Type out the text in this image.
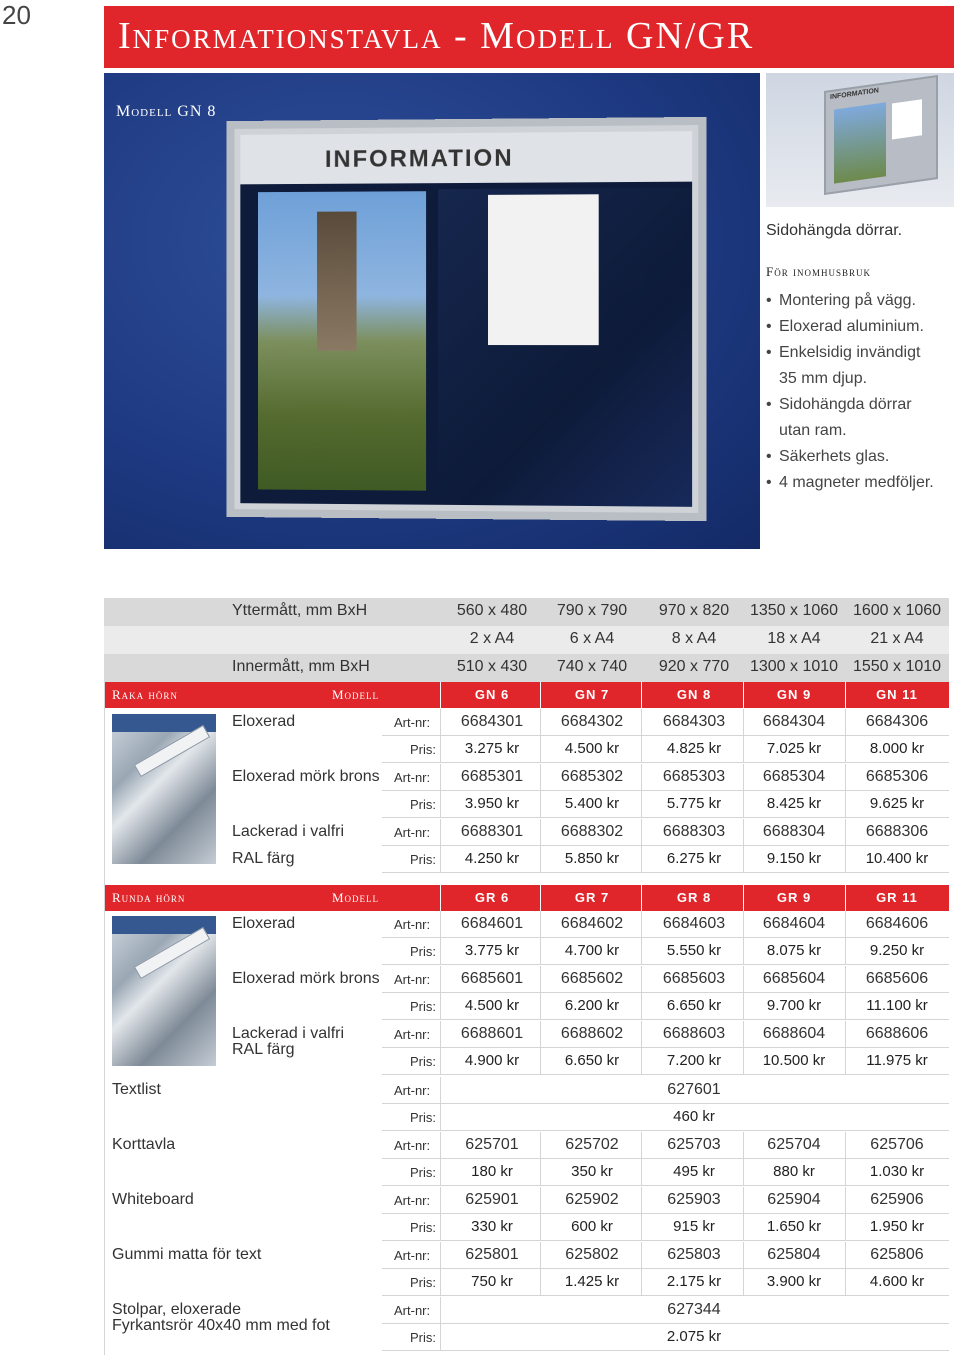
20	Informationstavla - Modell GN/GR
INFORMATION
Modell GN 8
INFORMATION
Sidohängda dörrar.
För inomhusbruk
• Montering på vägg.
• Eloxerad aluminium.
• Enkelsidig invändigt
35 mm djup.
• Sidohängda dörrar
utan ram.
• Säkerhets glas.
• 4 magneter medföljer.
Yttermått, mm BxH	560 x 480	790 x 790	970 x 820	1350 x 1060 1600 x 1060
2 x A4	6 x A4	8 x A4	18 x A4	21 x A4
Innermått, mm BxH	510 x 430	740 x 740	920 x 770	1300 x 1010 1550 x 1010
Raka hörn	Modell	GN 6	GN 7	GN 8	GN 9	GN 11
Eloxerad	Art-nr:	6684301	6684302	6684303	6684304	6684306
Pris:	3.275 kr	4.500 kr	4.825 kr	7.025 kr	8.000 kr
Eloxerad mörk brons Art-nr:	6685301	6685302	6685303	6685304	6685306
Pris:	3.950 kr	5.400 kr	5.775 kr	8.425 kr	9.625 kr
Lackerad i valfri	Art-nr:	6688301	6688302	6688303	6688304	6688306
RAL färg	Pris:	4.250 kr	5.850 kr	6.275 kr	9.150 kr	10.400 kr
Runda hörn	Modell	GR 6	GR 7	GR 8	GR 9	GR 11
Eloxerad	Art-nr:	6684601	6684602	6684603	6684604	6684606
Pris:	3.775 kr	4.700 kr	5.550 kr	8.075 kr	9.250 kr
Eloxerad mörk brons Art-nr:	6685601	6685602	6685603	6685604	6685606
Pris:	4.500 kr	6.200 kr	6.650 kr	9.700 kr	11.100 kr
Lackerad i valfri	Art-nr:	6688601	6688602	6688603	6688604	6688606
RAL färg
Pris:	4.900 kr	6.650 kr	7.200 kr	10.500 kr	11.975 kr
Textlist	Art-nr:	627601
Pris:	460 kr
Korttavla	Art-nr:	625701	625702	625703	625704	625706
Pris:	180 kr	350 kr	495 kr	880 kr	1.030 kr
Whiteboard	Art-nr:	625901	625902	625903	625904	625906
Pris:	330 kr	600 kr	915 kr	1.650 kr	1.950 kr
Gummi matta för text	Art-nr:	625801	625802	625803	625804	625806
Pris:	750 kr	1.425 kr	2.175 kr	3.900 kr	4.600 kr
Stolpar, eloxerade	Art-nr:	627344
Pris:	2.075 kr
Fyrkantsrör 40x40 mm med fot
